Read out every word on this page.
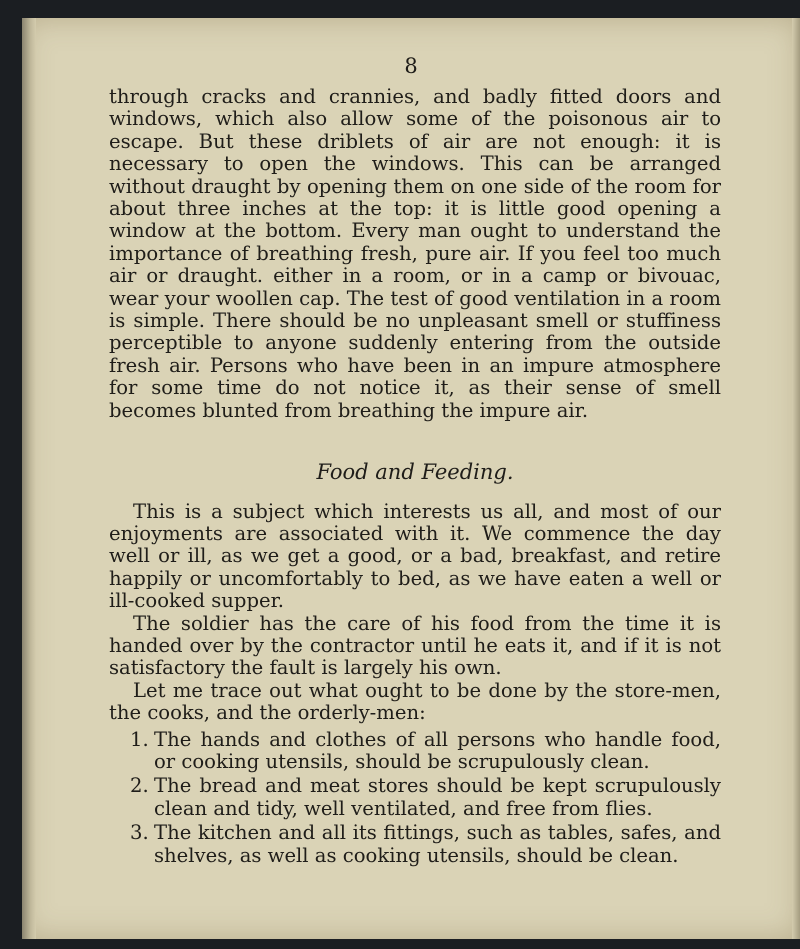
8

through cracks and crannies, and badly fitted doors and windows, which also allow some of the poisonous air to escape. But these driblets of air are not enough: it is necessary to open the windows. This can be arranged without draught by opening them on one side of the room for about three inches at the top: it is little good opening a window at the bottom. Every man ought to understand the importance of breathing fresh, pure air. If you feel too much air or draught. either in a room, or in a camp or bivouac, wear your woollen cap. The test of good ventilation in a room is simple. There should be no unpleasant smell or stuffiness perceptible to anyone suddenly entering from the outside fresh air. Persons who have been in an impure atmosphere for some time do not notice it, as their sense of smell becomes blunted from breathing the impure air.

Food and Feeding.

This is a subject which interests us all, and most of our enjoyments are associated with it. We commence the day well or ill, as we get a good, or a bad, breakfast, and retire happily or uncomfortably to bed, as we have eaten a well or ill-cooked supper.

The soldier has the care of his food from the time it is handed over by the contractor until he eats it, and if it is not satisfactory the fault is largely his own.

Let me trace out what ought to be done by the store-men, the cooks, and the orderly-men:

1. The hands and clothes of all persons who handle food, or cooking utensils, should be scrupulously clean.
2. The bread and meat stores should be kept scrupulously clean and tidy, well ventilated, and free from flies.
3. The kitchen and all its fittings, such as tables, safes, and shelves, as well as cooking utensils, should be clean.
